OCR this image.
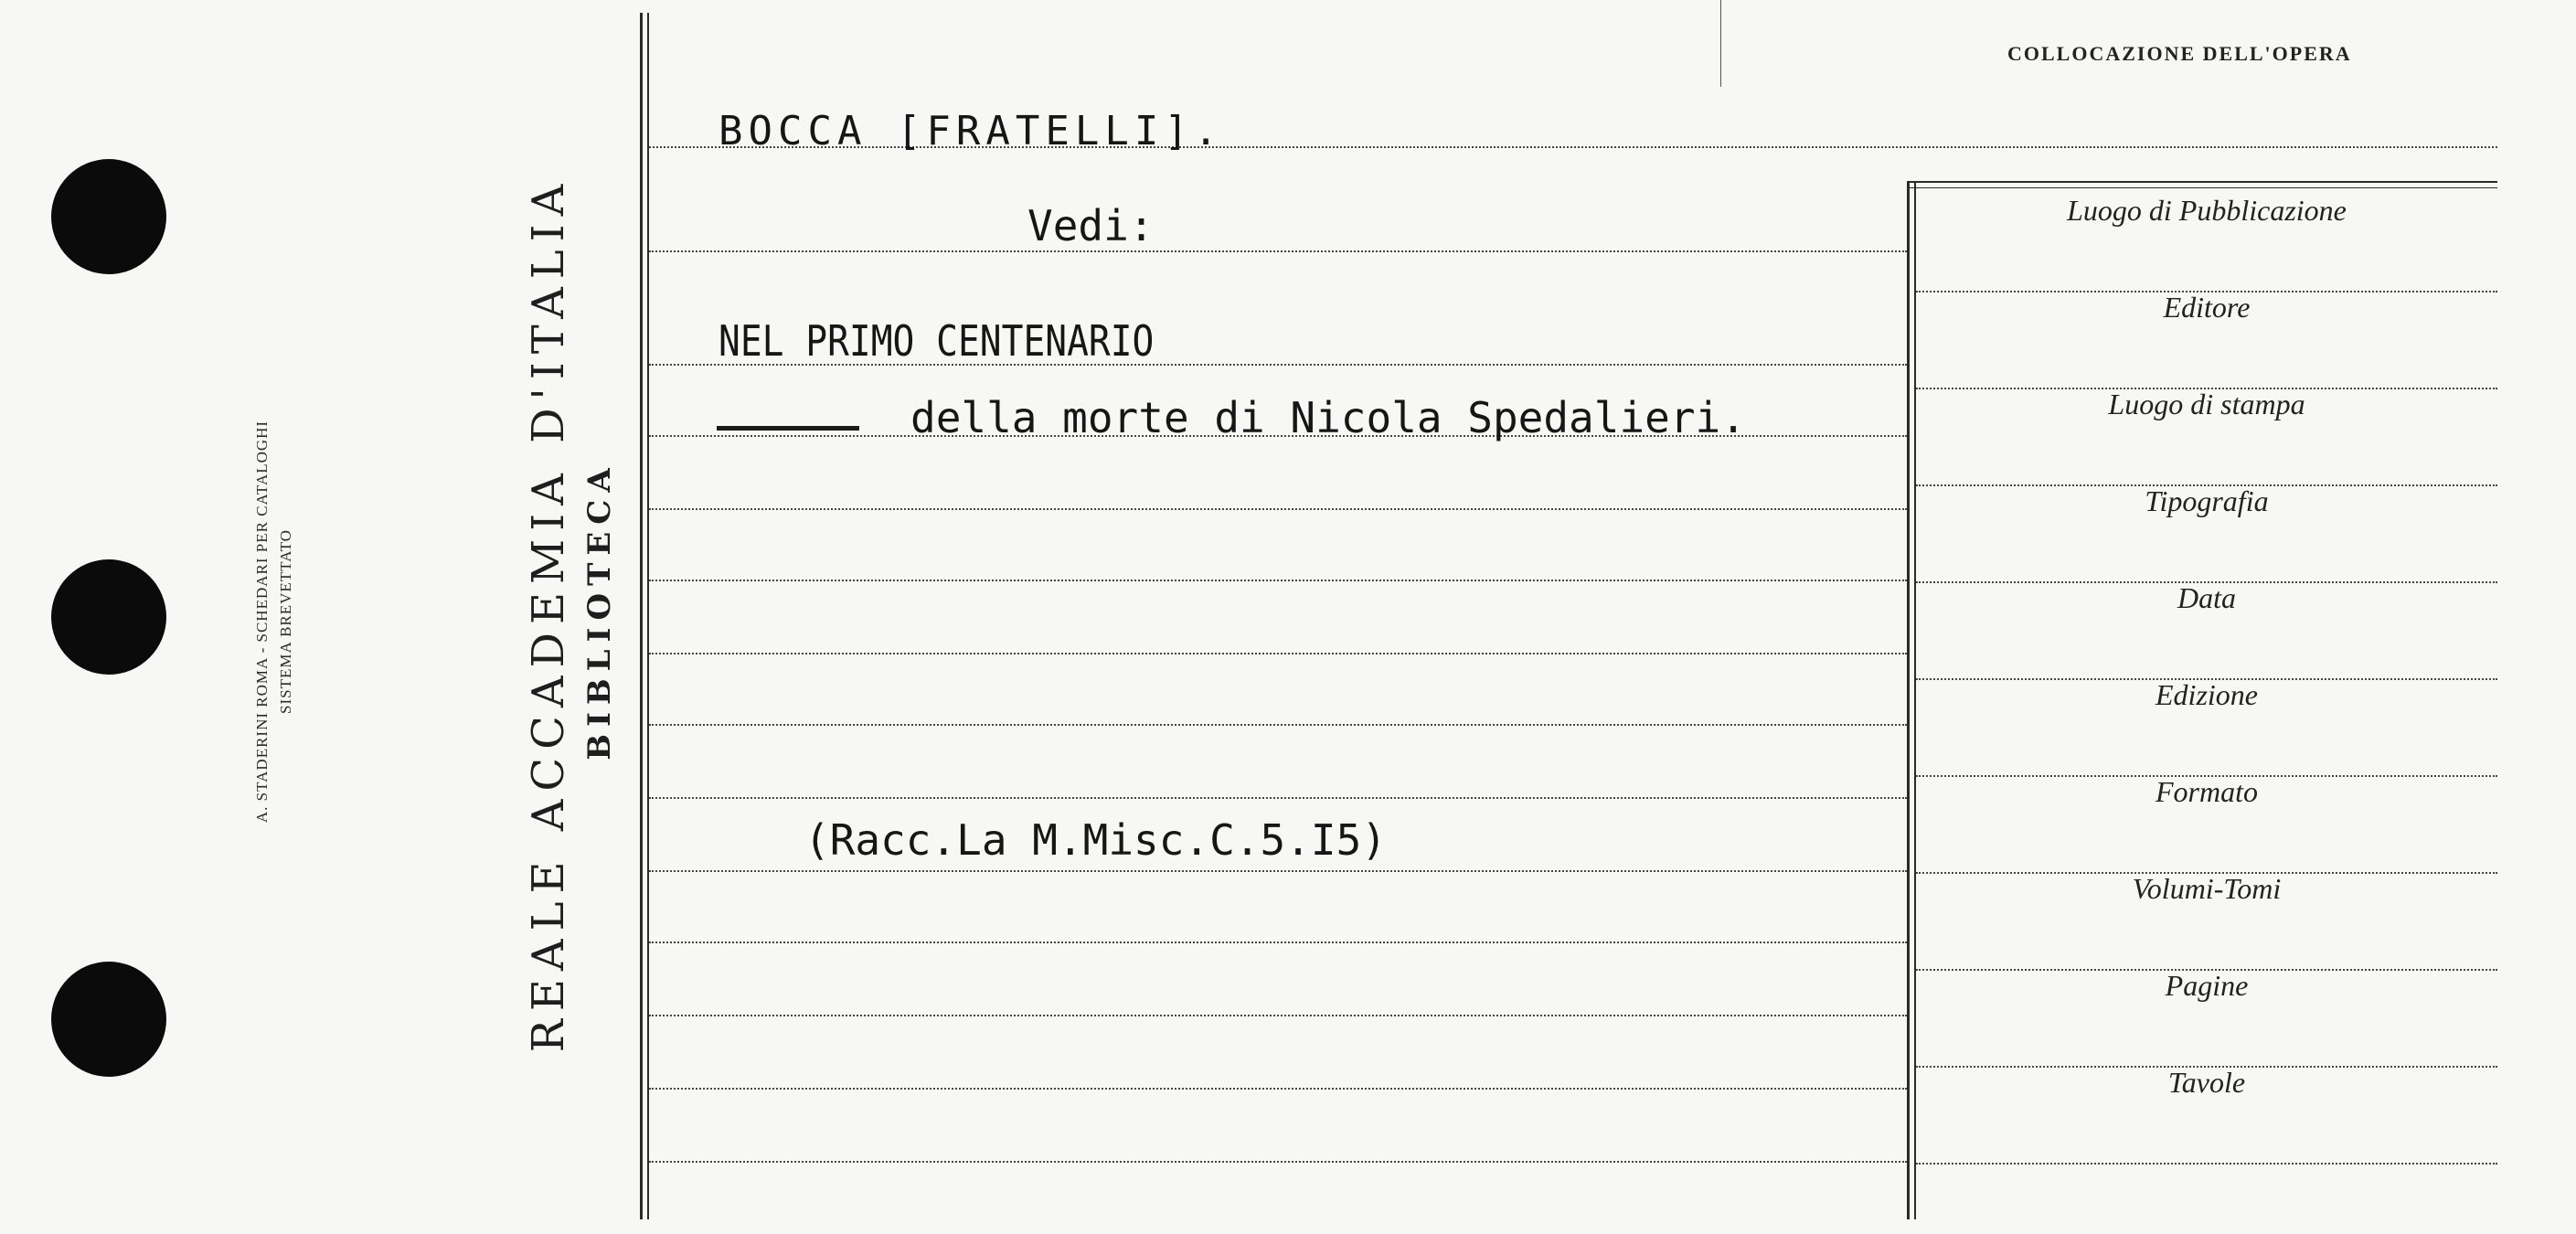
A. STADERINI ROMA - SCHEDARI PER CATALOGHI SISTEMA BREVETTATO	REALE ACCADEMIA D'ITALIA BIBLIOTECA
COLLOCAZIONE DELL'OPERA
BOCCA [FRATELLI].
Vedi:
NEL PRIMO CENTENARIO
della morte di Nicola Spedalieri.
(Racc.La M.Misc.C.5.I5)
Luogo di Pubblicazione
Editore
Luogo di stampa
Tipografia
Data
Edizione
Formato
Volumi-Tomi
Pagine
Tavole
